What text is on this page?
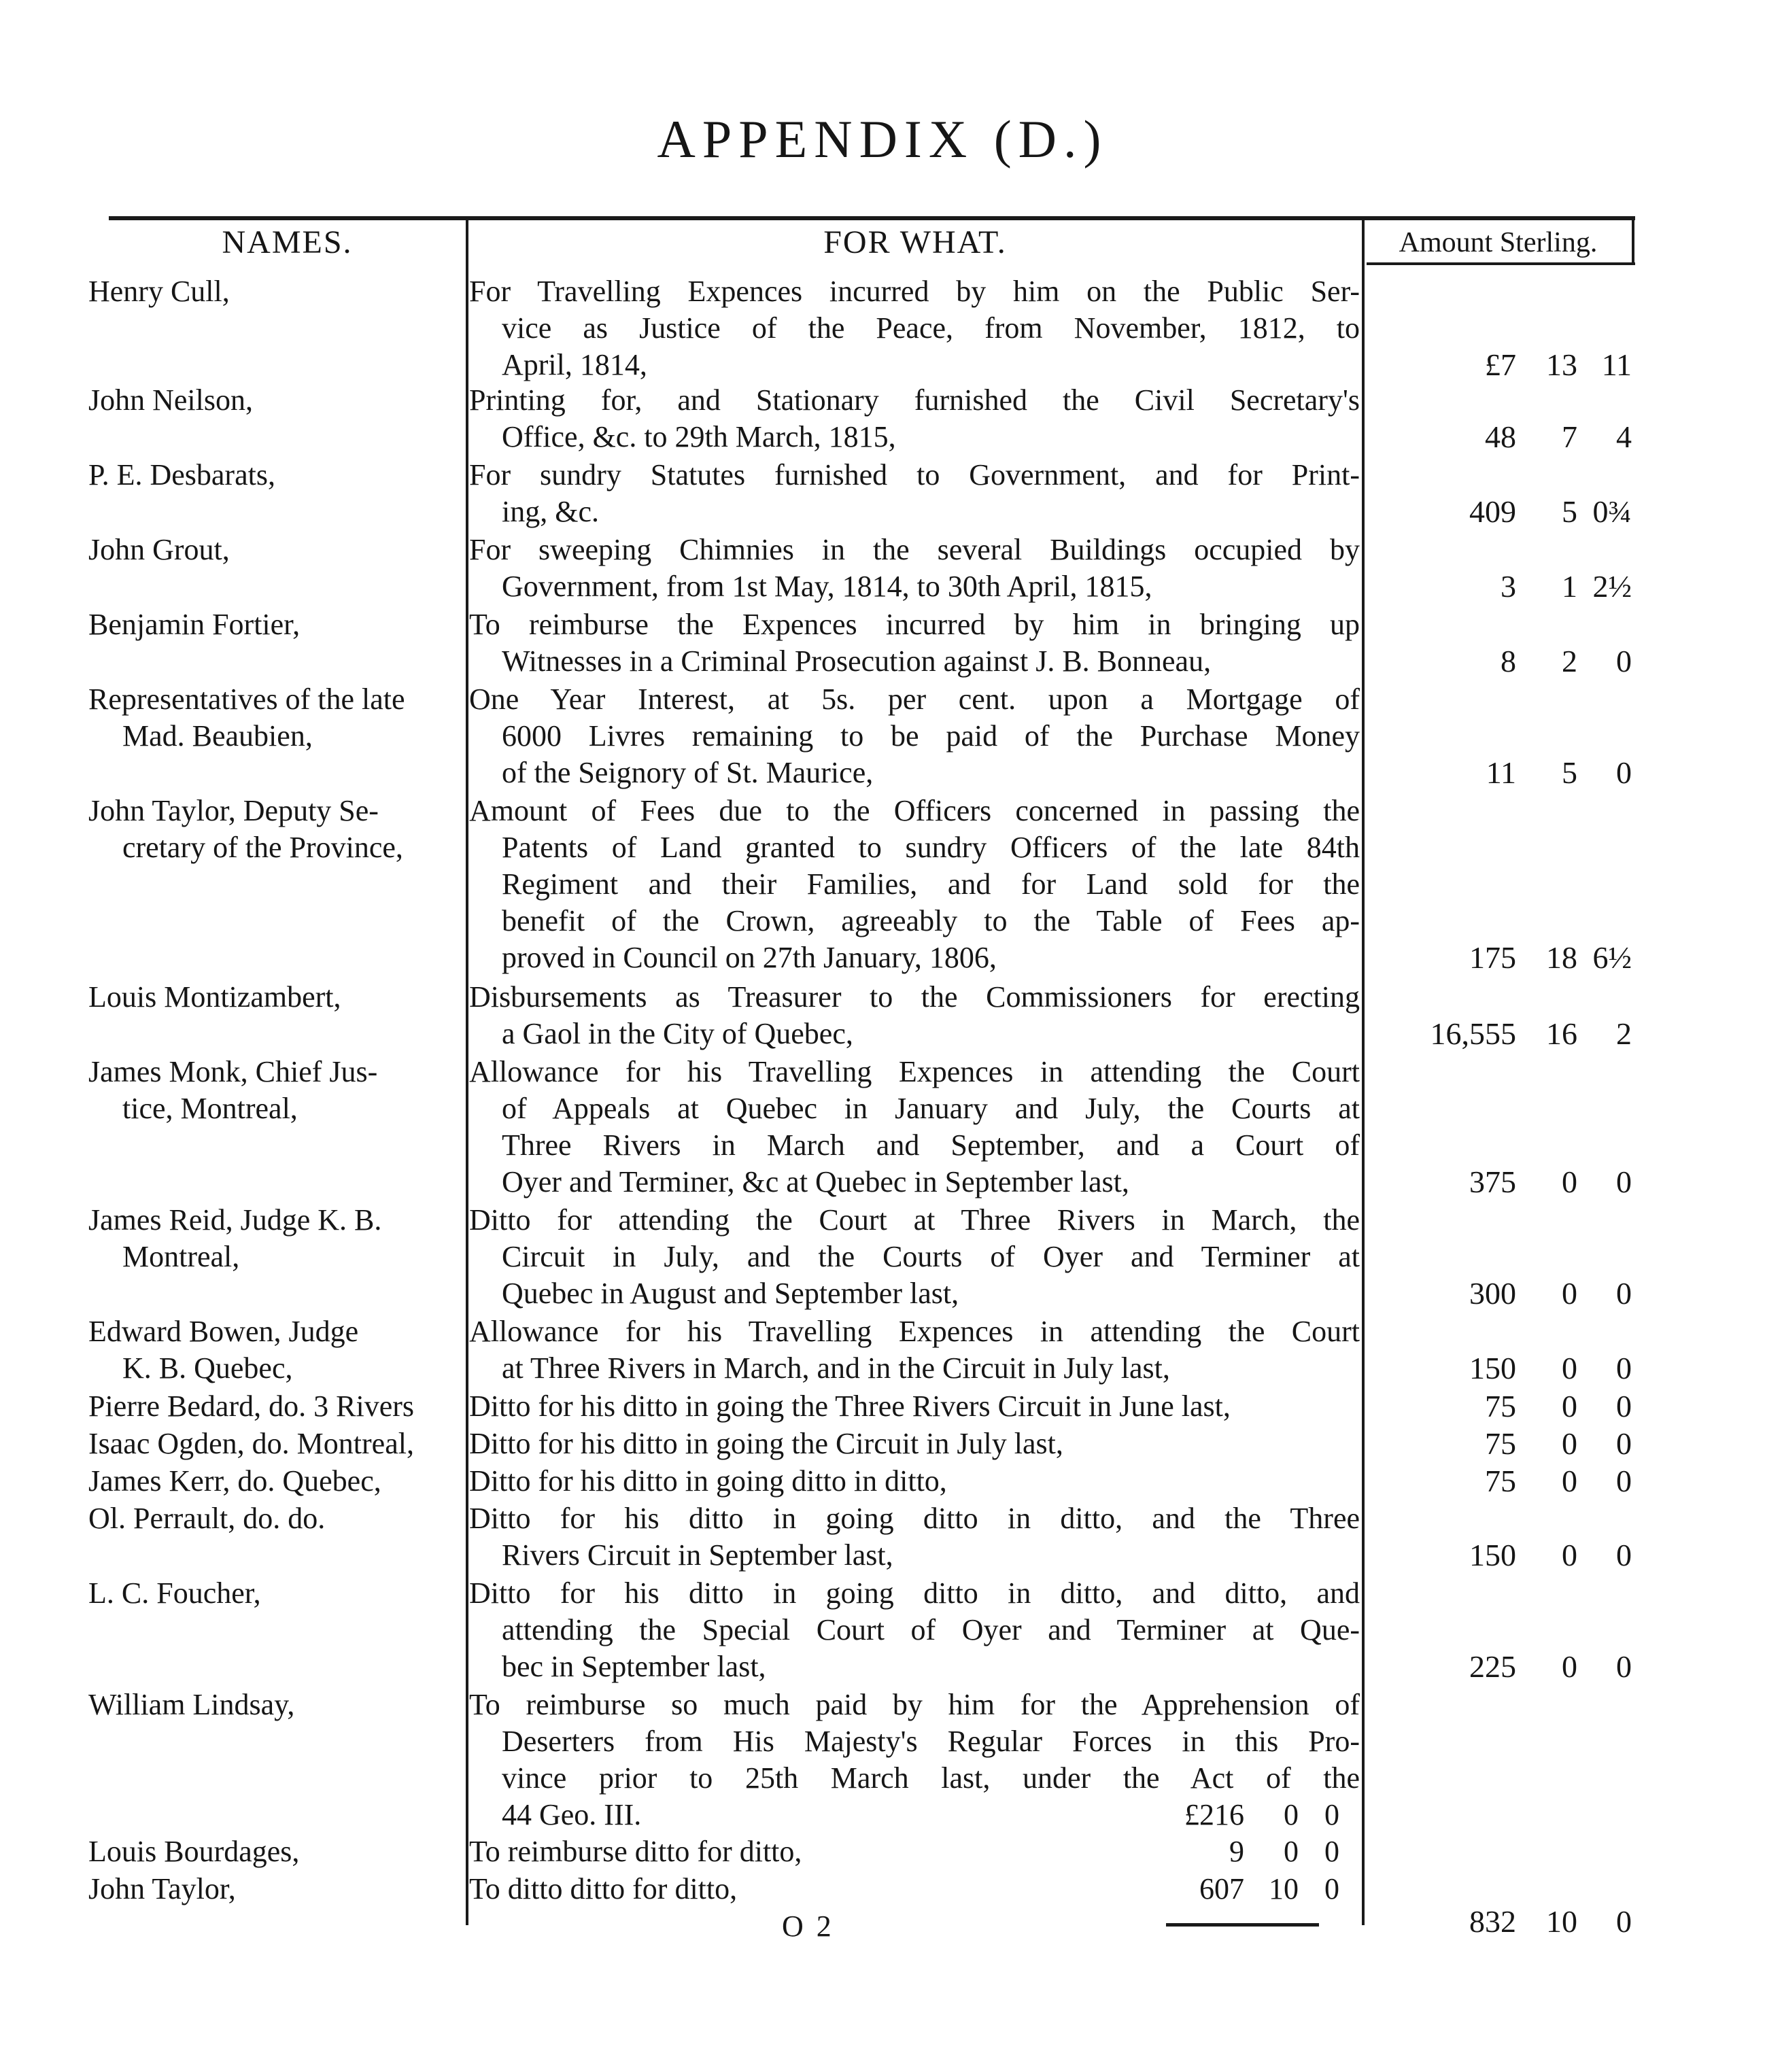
APPENDIX (D.)
NAMES.	FOR WHAT.	Amount Sterling.
Henry Cull,	For Travelling Expences incurred by him on the Public Ser-
vice as Justice of the Peace, from November, 1812, to
April, 1814,	£7 13 11
John Neilson,	Printing for, and Stationary furnished the Civil Secretary's
Office, &c. to 29th March, 1815,	48	7	4
P. E. Desbarats,	For sundry Statutes furnished to Government, and for Print-
ing, &c.	409	5 0¾
John Grout,	For sweeping Chimnies in the several Buildings occupied by
Government, from 1st May, 1814, to 30th April, 1815,	3	1 2½
Benjamin Fortier,	To reimburse the Expences incurred by him in bringing up
Witnesses in a Criminal Prosecution against J. B. Bonneau,	8	2	0
Representatives of the late
Mad. Beaubien,
One Year Interest, at 5s. per cent. upon a Mortgage of
6000 Livres remaining to be paid of the Purchase Money
of the Seignory of St. Maurice,	11	5	0
John Taylor, Deputy Se-
cretary of the Province,
Amount of Fees due to the Officers concerned in passing the
Patents of Land granted to sundry Officers of the late 84th
Regiment and their Families, and for Land sold for the
benefit of the Crown, agreeably to the Table of Fees ap-
proved in Council on 27th January, 1806,	175 18 6½
Louis Montizambert,	Disbursements as Treasurer to the Commissioners for erecting
a Gaol in the City of Quebec,	16,555 16	2
James Monk, Chief Jus-
tice, Montreal,
Allowance for his Travelling Expences in attending the Court
of Appeals at Quebec in January and July, the Courts at
Three Rivers in March and September, and a Court of
Oyer and Terminer, &c at Quebec in September last,	375	0	0
James Reid, Judge K. B.
Montreal,
Ditto for attending the Court at Three Rivers in March, the
Circuit in July, and the Courts of Oyer and Terminer at
Quebec in August and September last,	300	0	0
Edward Bowen, Judge
K. B. Quebec,
Allowance for his Travelling Expences in attending the Court
at Three Rivers in March, and in the Circuit in July last,	150	0	0
Pierre Bedard, do. 3 Rivers	Ditto for his ditto in going the Three Rivers Circuit in June last,	75	0	0
Isaac Ogden, do. Montreal,	Ditto for his ditto in going the Circuit in July last,	75	0	0
James Kerr, do. Quebec,	Ditto for his ditto in going ditto in ditto,	75	0	0
Ol. Perrault, do. do.	Ditto for his ditto in going ditto in ditto, and the Three
Rivers Circuit in September last,	150	0	0
L. C. Foucher,	Ditto for his ditto in going ditto in ditto, and ditto, and
attending the Special Court of Oyer and Terminer at Que-
bec in September last,	225	0	0
William Lindsay,	To reimburse so much paid by him for the Apprehension of
Deserters from His Majesty's Regular Forces in this Pro-
vince prior to 25th March last, under the Act of the
44 Geo. III.	£216	0 0
Louis Bourdages,	To reimburse ditto for ditto,	9	0 0
John Taylor,	To ditto ditto for ditto,	607 10 0
O 2	832 10	0
